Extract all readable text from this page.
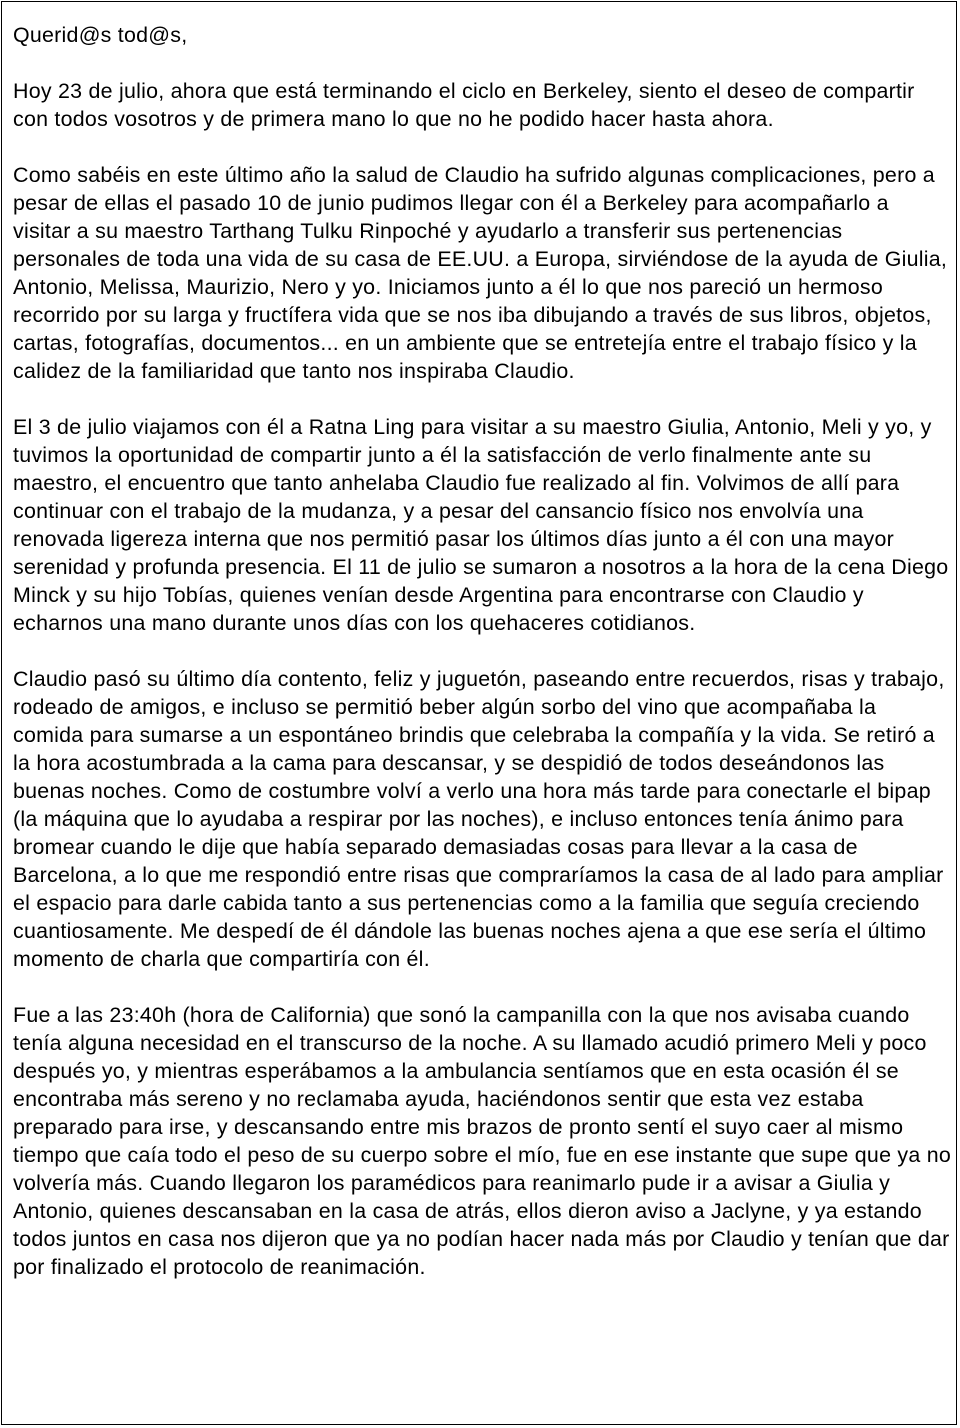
Querid@s tod@s,

Hoy 23 de julio, ahora que está terminando el ciclo en Berkeley, siento el deseo de compartir con todos vosotros y de primera mano lo que no he podido hacer hasta ahora.

Como sabéis en este último año la salud de Claudio ha sufrido algunas complicaciones, pero a pesar de ellas el pasado 10 de junio pudimos llegar con él a Berkeley para acompañarlo a visitar a su maestro Tarthang Tulku Rinpoché y ayudarlo a transferir sus pertenencias personales de toda una vida de su casa de EE.UU. a Europa, sirviéndose de la ayuda de Giulia, Antonio, Melissa, Maurizio, Nero y yo. Iniciamos junto a él lo que nos pareció un hermoso recorrido por su larga y fructífera vida que se nos iba dibujando a través de sus libros, objetos, cartas, fotografías, documentos... en un ambiente que se entretejía entre el trabajo físico y la calidez de la familiaridad que tanto nos inspiraba Claudio.

El 3 de julio viajamos con él a Ratna Ling para visitar a su maestro Giulia, Antonio, Meli y yo, y tuvimos la oportunidad de compartir junto a él la satisfacción de verlo finalmente ante su maestro, el encuentro que tanto anhelaba Claudio fue realizado al fin. Volvimos de allí para continuar con el trabajo de la mudanza, y a pesar del cansancio físico nos envolvía una renovada ligereza interna que nos permitió pasar los últimos días junto a él con una mayor serenidad y profunda presencia. El 11 de julio se sumaron a nosotros a la hora de la cena Diego Minck y su hijo Tobías, quienes venían desde Argentina para encontrarse con Claudio y echarnos una mano durante unos días con los quehaceres cotidianos.

Claudio pasó su último día contento, feliz y juguetón, paseando entre recuerdos, risas y trabajo, rodeado de amigos, e incluso se permitió beber algún sorbo del vino que acompañaba la comida para sumarse a un espontáneo brindis que celebraba la compañía y la vida. Se retiró a la hora acostumbrada a la cama para descansar, y se despidió de todos deseándonos las buenas noches. Como de costumbre volví a verlo una hora más tarde para conectarle el bipap (la máquina que lo ayudaba a respirar por las noches), e incluso entonces tenía ánimo para bromear cuando le dije que había separado demasiadas cosas para llevar a la casa de Barcelona, a lo que me respondió entre risas que compraríamos la casa de al lado para ampliar el espacio para darle cabida tanto a sus pertenencias como a la familia que seguía creciendo cuantiosamente. Me despedí de él dándole las buenas noches ajena a que ese sería el último momento de charla que compartiría con él.

Fue a las 23:40h (hora de California) que sonó la campanilla con la que nos avisaba cuando tenía alguna necesidad en el transcurso de la noche. A su llamado acudió primero Meli y poco después yo, y mientras esperábamos a la ambulancia sentíamos que en esta ocasión él se encontraba más sereno y no reclamaba ayuda, haciéndonos sentir que esta vez estaba preparado para irse, y descansando entre mis brazos de pronto sentí el suyo caer al mismo tiempo que caía todo el peso de su cuerpo sobre el mío, fue en ese instante que supe que ya no volvería más. Cuando llegaron los paramédicos para reanimarlo pude ir a avisar a Giulia y Antonio, quienes descansaban en la casa de atrás, ellos dieron aviso a Jaclyne, y ya estando todos juntos en casa nos dijeron que ya no podían hacer nada más por Claudio y tenían que dar por finalizado el protocolo de reanimación.
